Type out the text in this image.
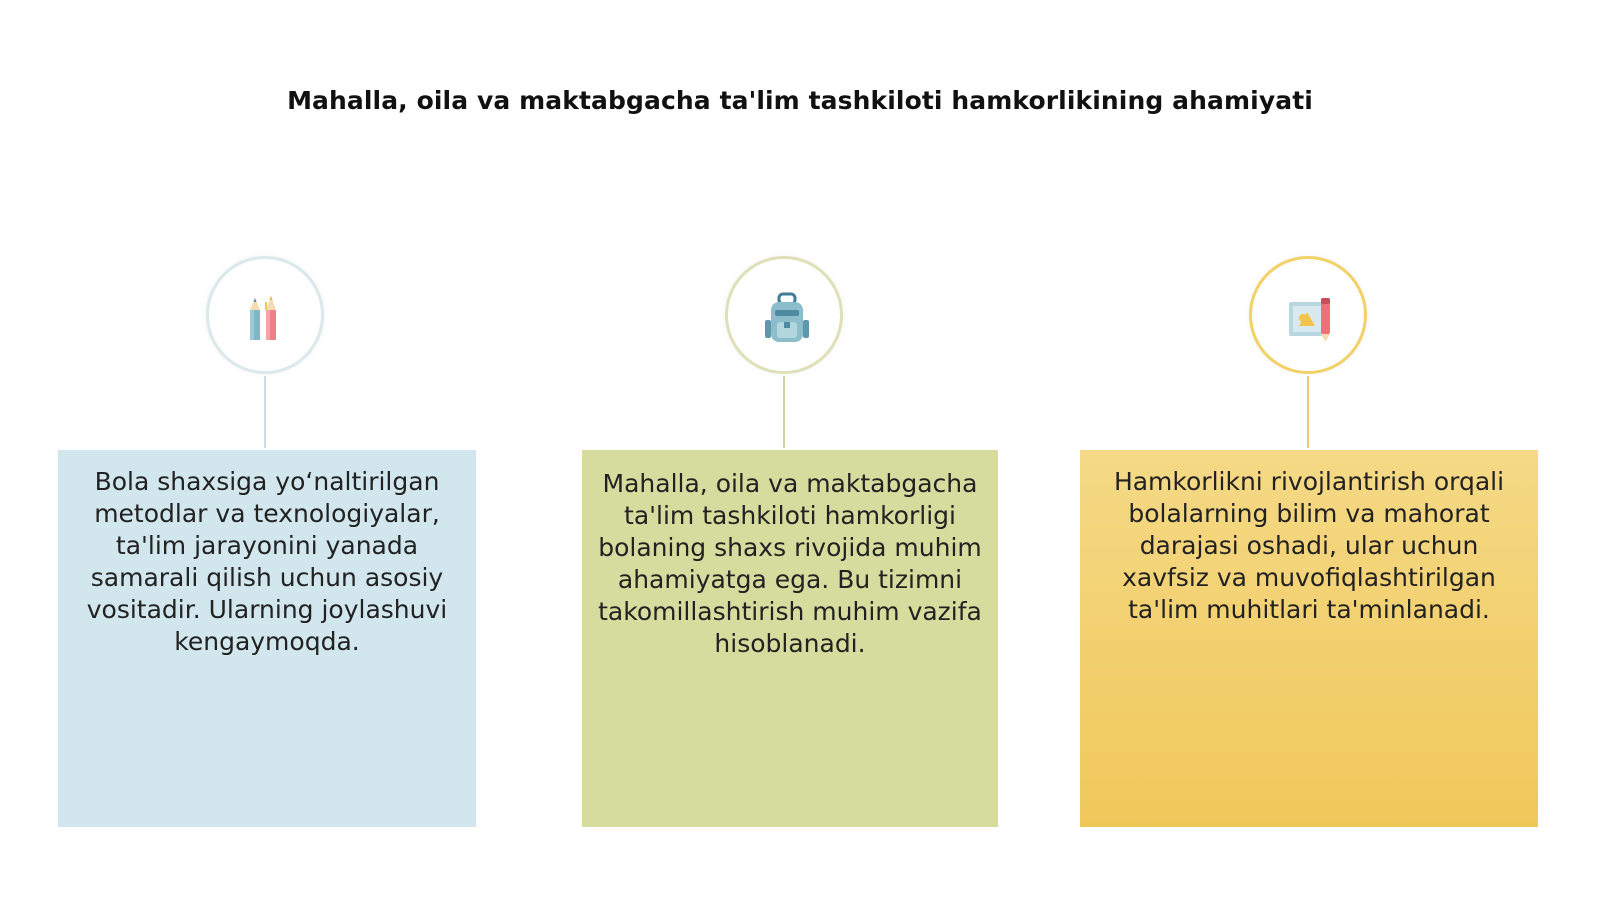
Mahalla, oila va maktabgacha ta'lim tashkiloti hamkorlikining ahamiyati
Bola shaxsiga yoʻnaltirilgan metodlar va texnologiyalar, ta'lim jarayonini yanada samarali qilish uchun asosiy vositadir. Ularning joylashuvi kengaymoqda.
Mahalla, oila va maktabgacha ta'lim tashkiloti hamkorligi bolaning shaxs rivojida muhim ahamiyatga ega. Bu tizimni takomillashtirish muhim vazifa hisoblanadi.
Hamkorlikni rivojlantirish orqali bolalarning bilim va mahorat darajasi oshadi, ular uchun xavfsiz va muvofiqlashtirilgan ta'lim muhitlari ta'minlanadi.
